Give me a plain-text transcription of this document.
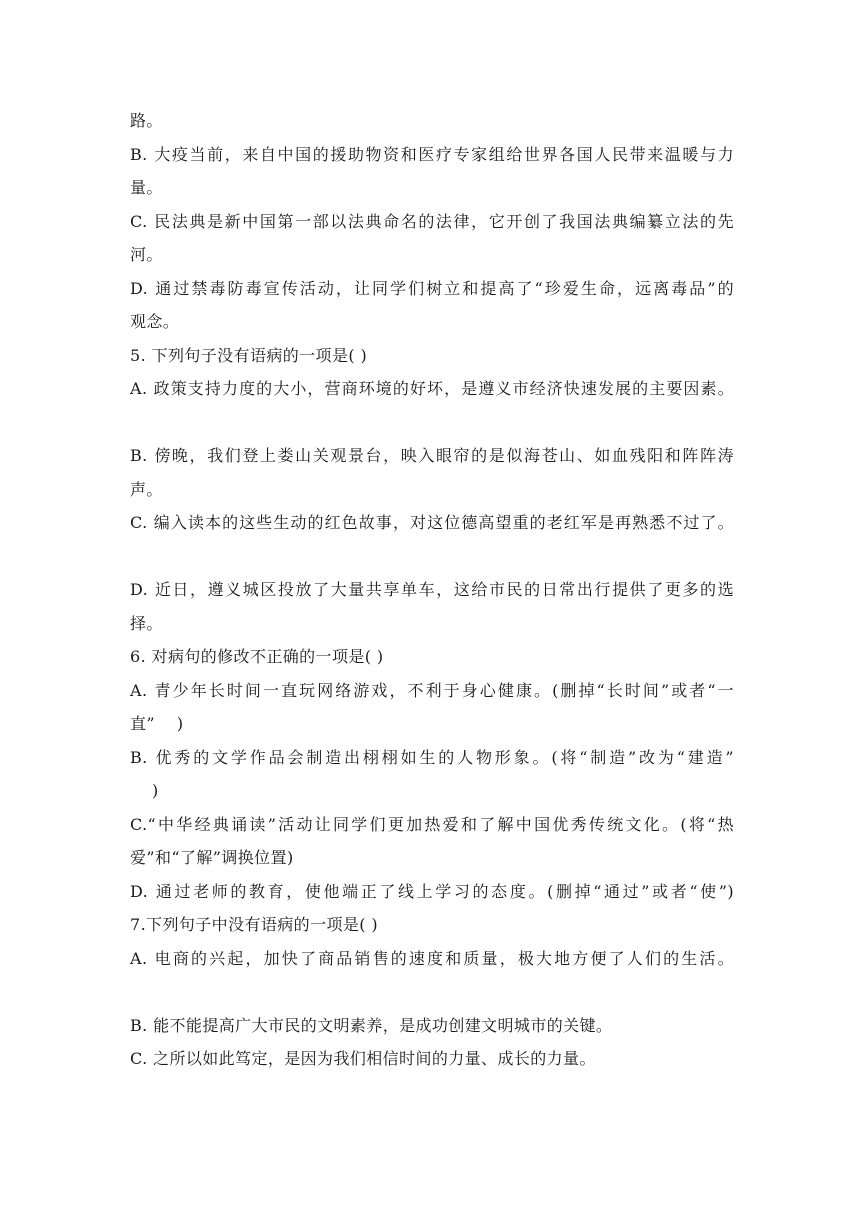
路。
B. 大疫当前，来自中国的援助物资和医疗专家组给世界各国人民带来温暖与力
量。
C. 民法典是新中国第一部以法典命名的法律，它开创了我国法典编纂立法的先
河。
D. 通过禁毒防毒宣传活动，让同学们树立和提高了“珍爱生命，远离毒品”的
观念。
5. 下列句子没有语病的一项是( )
A. 政策支持力度的大小，营商环境的好坏，是遵义市经济快速发展的主要因素。
B. 傍晚，我们登上娄山关观景台，映入眼帘的是似海苍山、如血残阳和阵阵涛
声。
C. 编入读本的这些生动的红色故事，对这位德高望重的老红军是再熟悉不过了。
D. 近日，遵义城区投放了大量共享单车，这给市民的日常出行提供了更多的选
择。
6. 对病句的修改不正确的一项是( )
A. 青少年长时间一直玩网络游戏，不利于身心健康。(删掉“长时间”或者“一
直”    )
B. 优秀的文学作品会制造出栩栩如生的人物形象。(将“制造”改为“建造”
)
C.“中华经典诵读”活动让同学们更加热爱和了解中国优秀传统文化。(将“热
爱”和“了解”调换位置)
D. 通过老师的教育，使他端正了线上学习的态度。(删掉“通过”或者“使”)
7.下列句子中没有语病的一项是( )
A. 电商的兴起，加快了商品销售的速度和质量，极大地方便了人们的生活。
B. 能不能提高广大市民的文明素养，是成功创建文明城市的关键。
C. 之所以如此笃定，是因为我们相信时间的力量、成长的力量。
